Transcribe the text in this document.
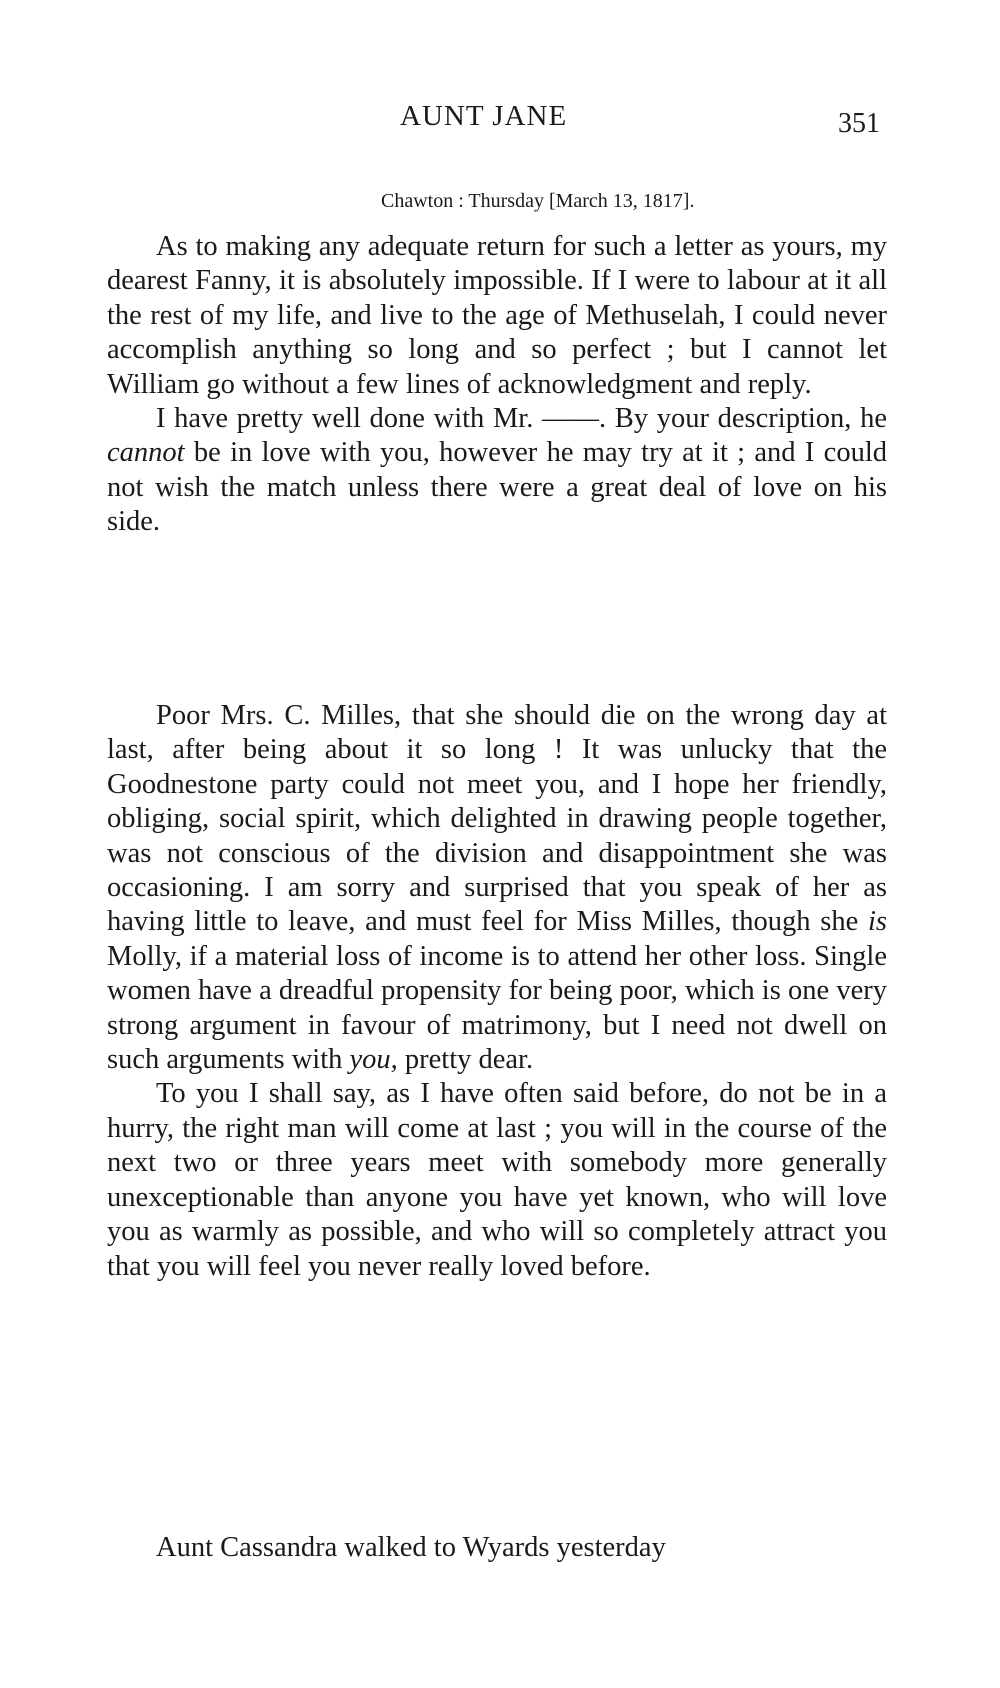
AUNT JANE	351
Chawton : Thursday [March 13, 1817].

As to making any adequate return for such a letter as yours, my dearest Fanny, it is absolutely impossible. If I were to labour at it all the rest of my life, and live to the age of Methuselah, I could never accomplish anything so long and so perfect ; but I cannot let William go without a few lines of acknowledgment and reply.

I have pretty well done with Mr. ——. By your description, he cannot be in love with you, however he may try at it ; and I could not wish the match unless there were a great deal of love on his side.

Poor Mrs. C. Milles, that she should die on the wrong day at last, after being about it so long ! It was unlucky that the Goodnestone party could not meet you, and I hope her friendly, obliging, social spirit, which delighted in drawing people together, was not conscious of the division and disappointment she was occasioning. I am sorry and surprised that you speak of her as having little to leave, and must feel for Miss Milles, though she is Molly, if a material loss of income is to attend her other loss. Single women have a dreadful propensity for being poor, which is one very strong argument in favour of matrimony, but I need not dwell on such arguments with you, pretty dear.

To you I shall say, as I have often said before, do not be in a hurry, the right man will come at last ; you will in the course of the next two or three years meet with somebody more generally unexceptionable than anyone you have yet known, who will love you as warmly as possible, and who will so completely attract you that you will feel you never really loved before.

Aunt Cassandra walked to Wyards yesterday
